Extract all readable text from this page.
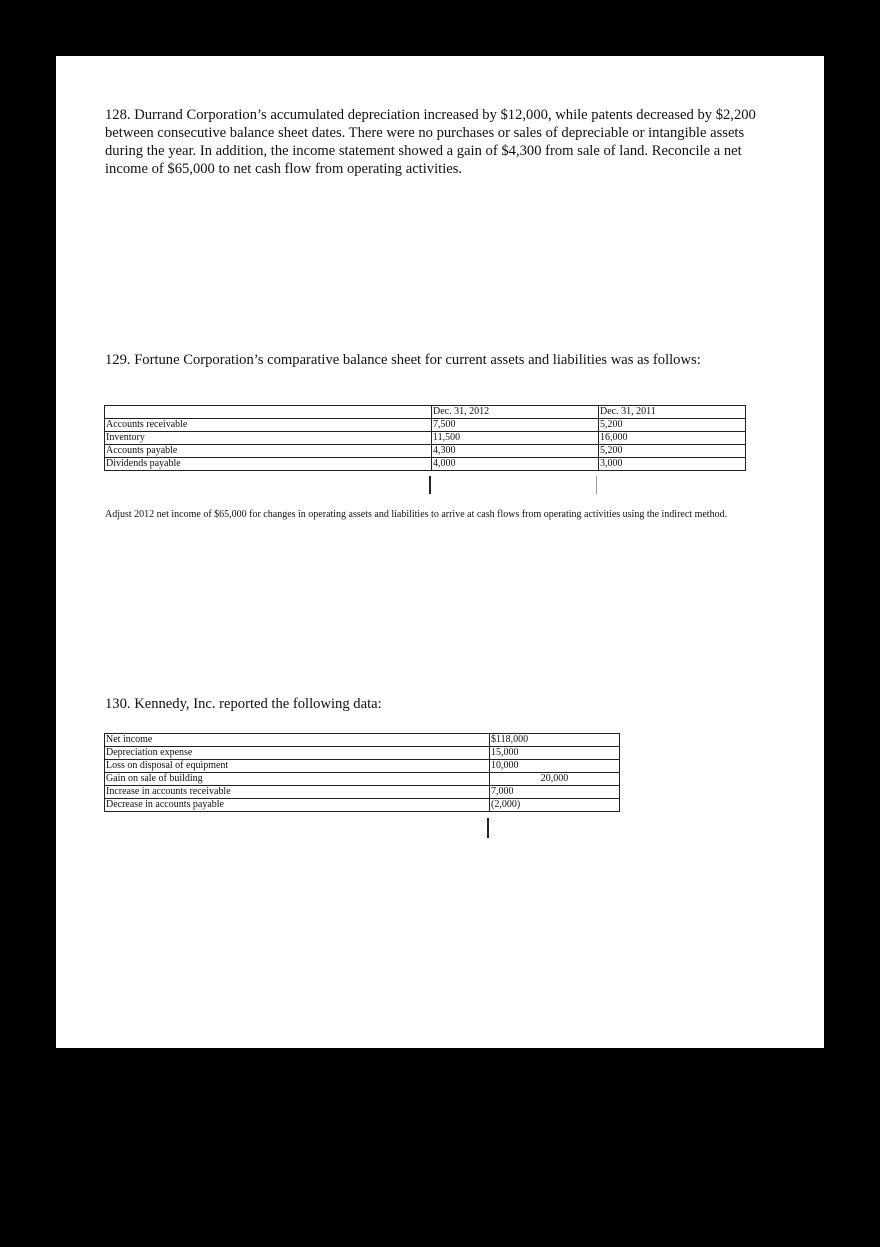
128. Durrand Corporation’s accumulated depreciation increased by $12,000, while patents decreased by $2,200 between consecutive balance sheet dates. There were no purchases or sales of depreciable or intangible assets during the year. In addition, the income statement showed a gain of $4,300 from sale of land. Reconcile a net income of $65,000 to net cash flow from operating activities.
129. Fortune Corporation’s comparative balance sheet for current assets and liabilities was as follows:
	Dec. 31, 2012	Dec. 31, 2011
Accounts receivable	7,500	5,200
Inventory	11,500	16,000
Accounts payable	4,300	5,200
Dividends payable	4,000	3,000
Adjust 2012 net income of $65,000 for changes in operating assets and liabilities to arrive at cash flows from operating activities using the indirect method.
130. Kennedy, Inc. reported the following data:
Net income	$118,000
Depreciation expense	15,000
Loss on disposal of equipment	10,000
Gain on sale of building	20,000
Increase in accounts receivable	7,000
Decrease in accounts payable	(2,000)
